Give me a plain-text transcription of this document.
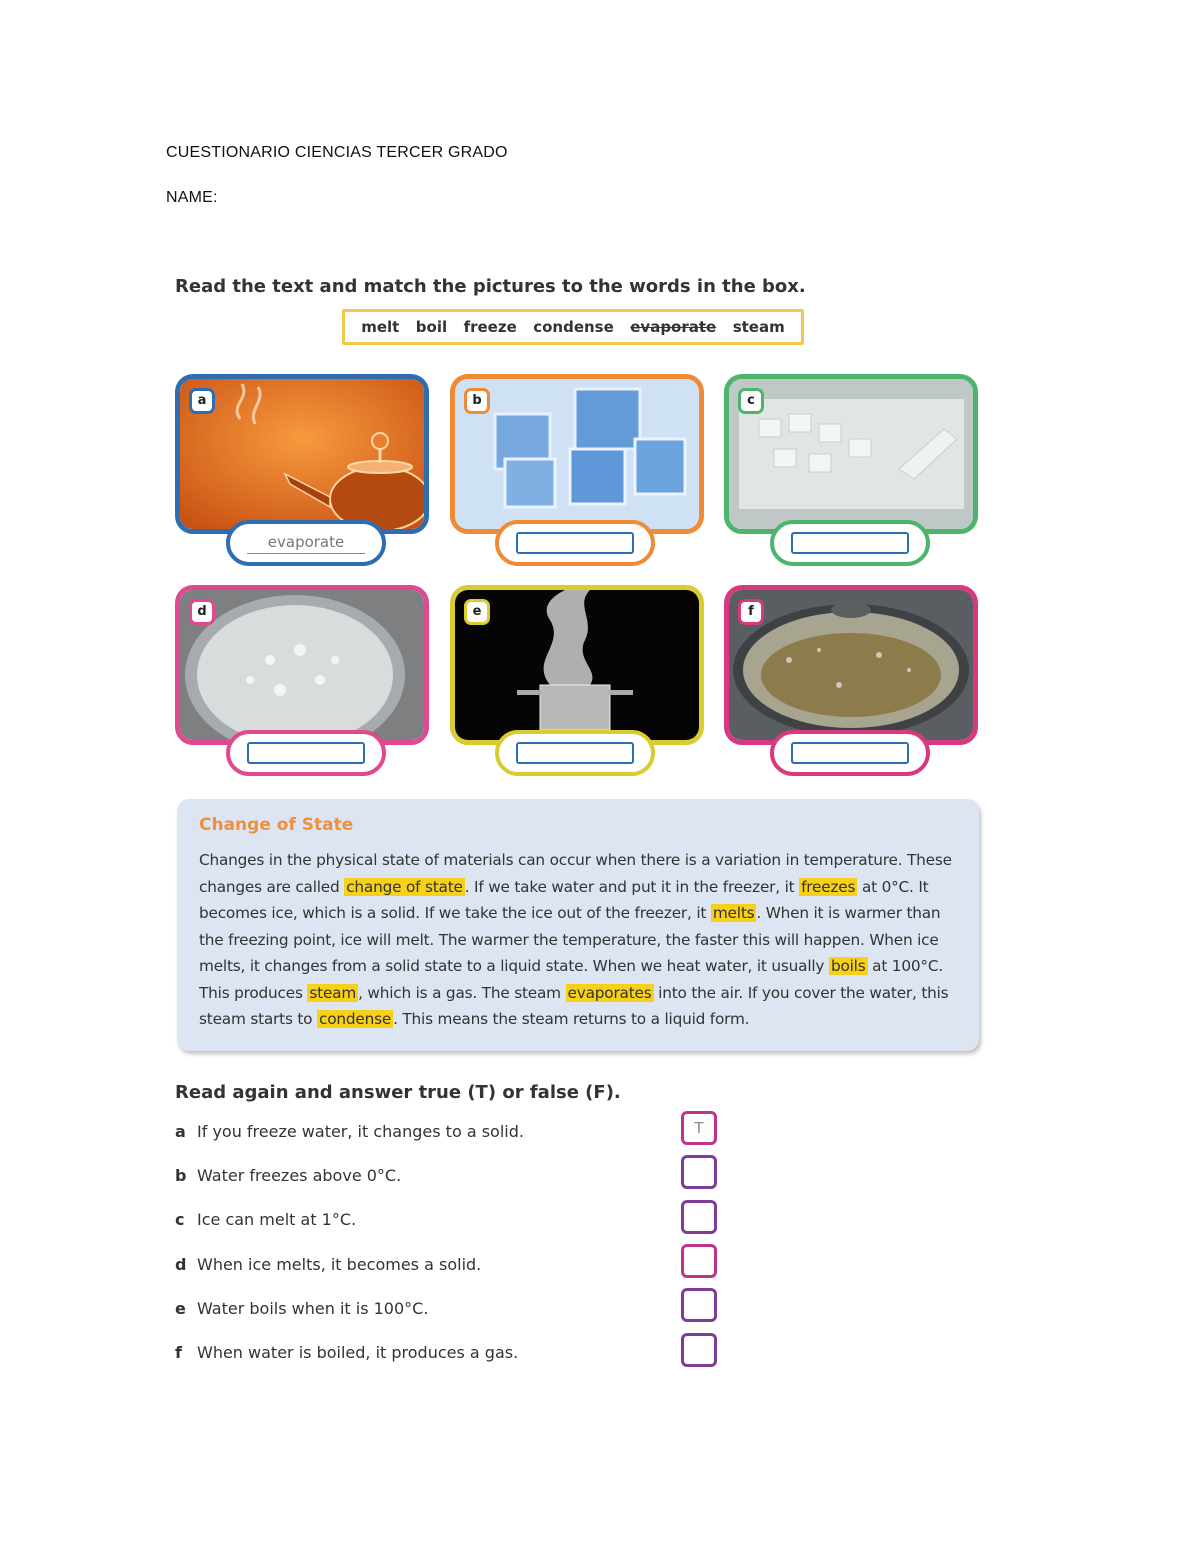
CUESTIONARIO CIENCIAS TERCER GRADO
NAME:
Read the text and match the pictures to the words in the box.
melt boil freeze condense evaporate steam
a
evaporate
b	c
d	e	f
Change of State

Changes in the physical state of materials can occur when there is a variation in temperature. These changes are called change of state . If we take water and put it in the freezer, it freezes at 0°C. It becomes ice, which is a solid. If we take the ice out of the freezer, it melts . When it is warmer than the freezing point, ice will melt. The warmer the temperature, the faster this will happen. When ice melts, it changes from a solid state to a liquid state. When we heat water, it usually boils at 100°C. This produces steam , which is a gas. The steam evaporates into the air. If you cover the water, this steam starts to condense . This means the steam returns to a liquid form.

Read again and answer true (T) or false (F).
a If you freeze water, it changes to a solid.
b Water freezes above 0°C.
c Ice can melt at 1°C.
d When ice melts, it becomes a solid.
e Water boils when it is 100°C.
f When water is boiled, it produces a gas.
T
